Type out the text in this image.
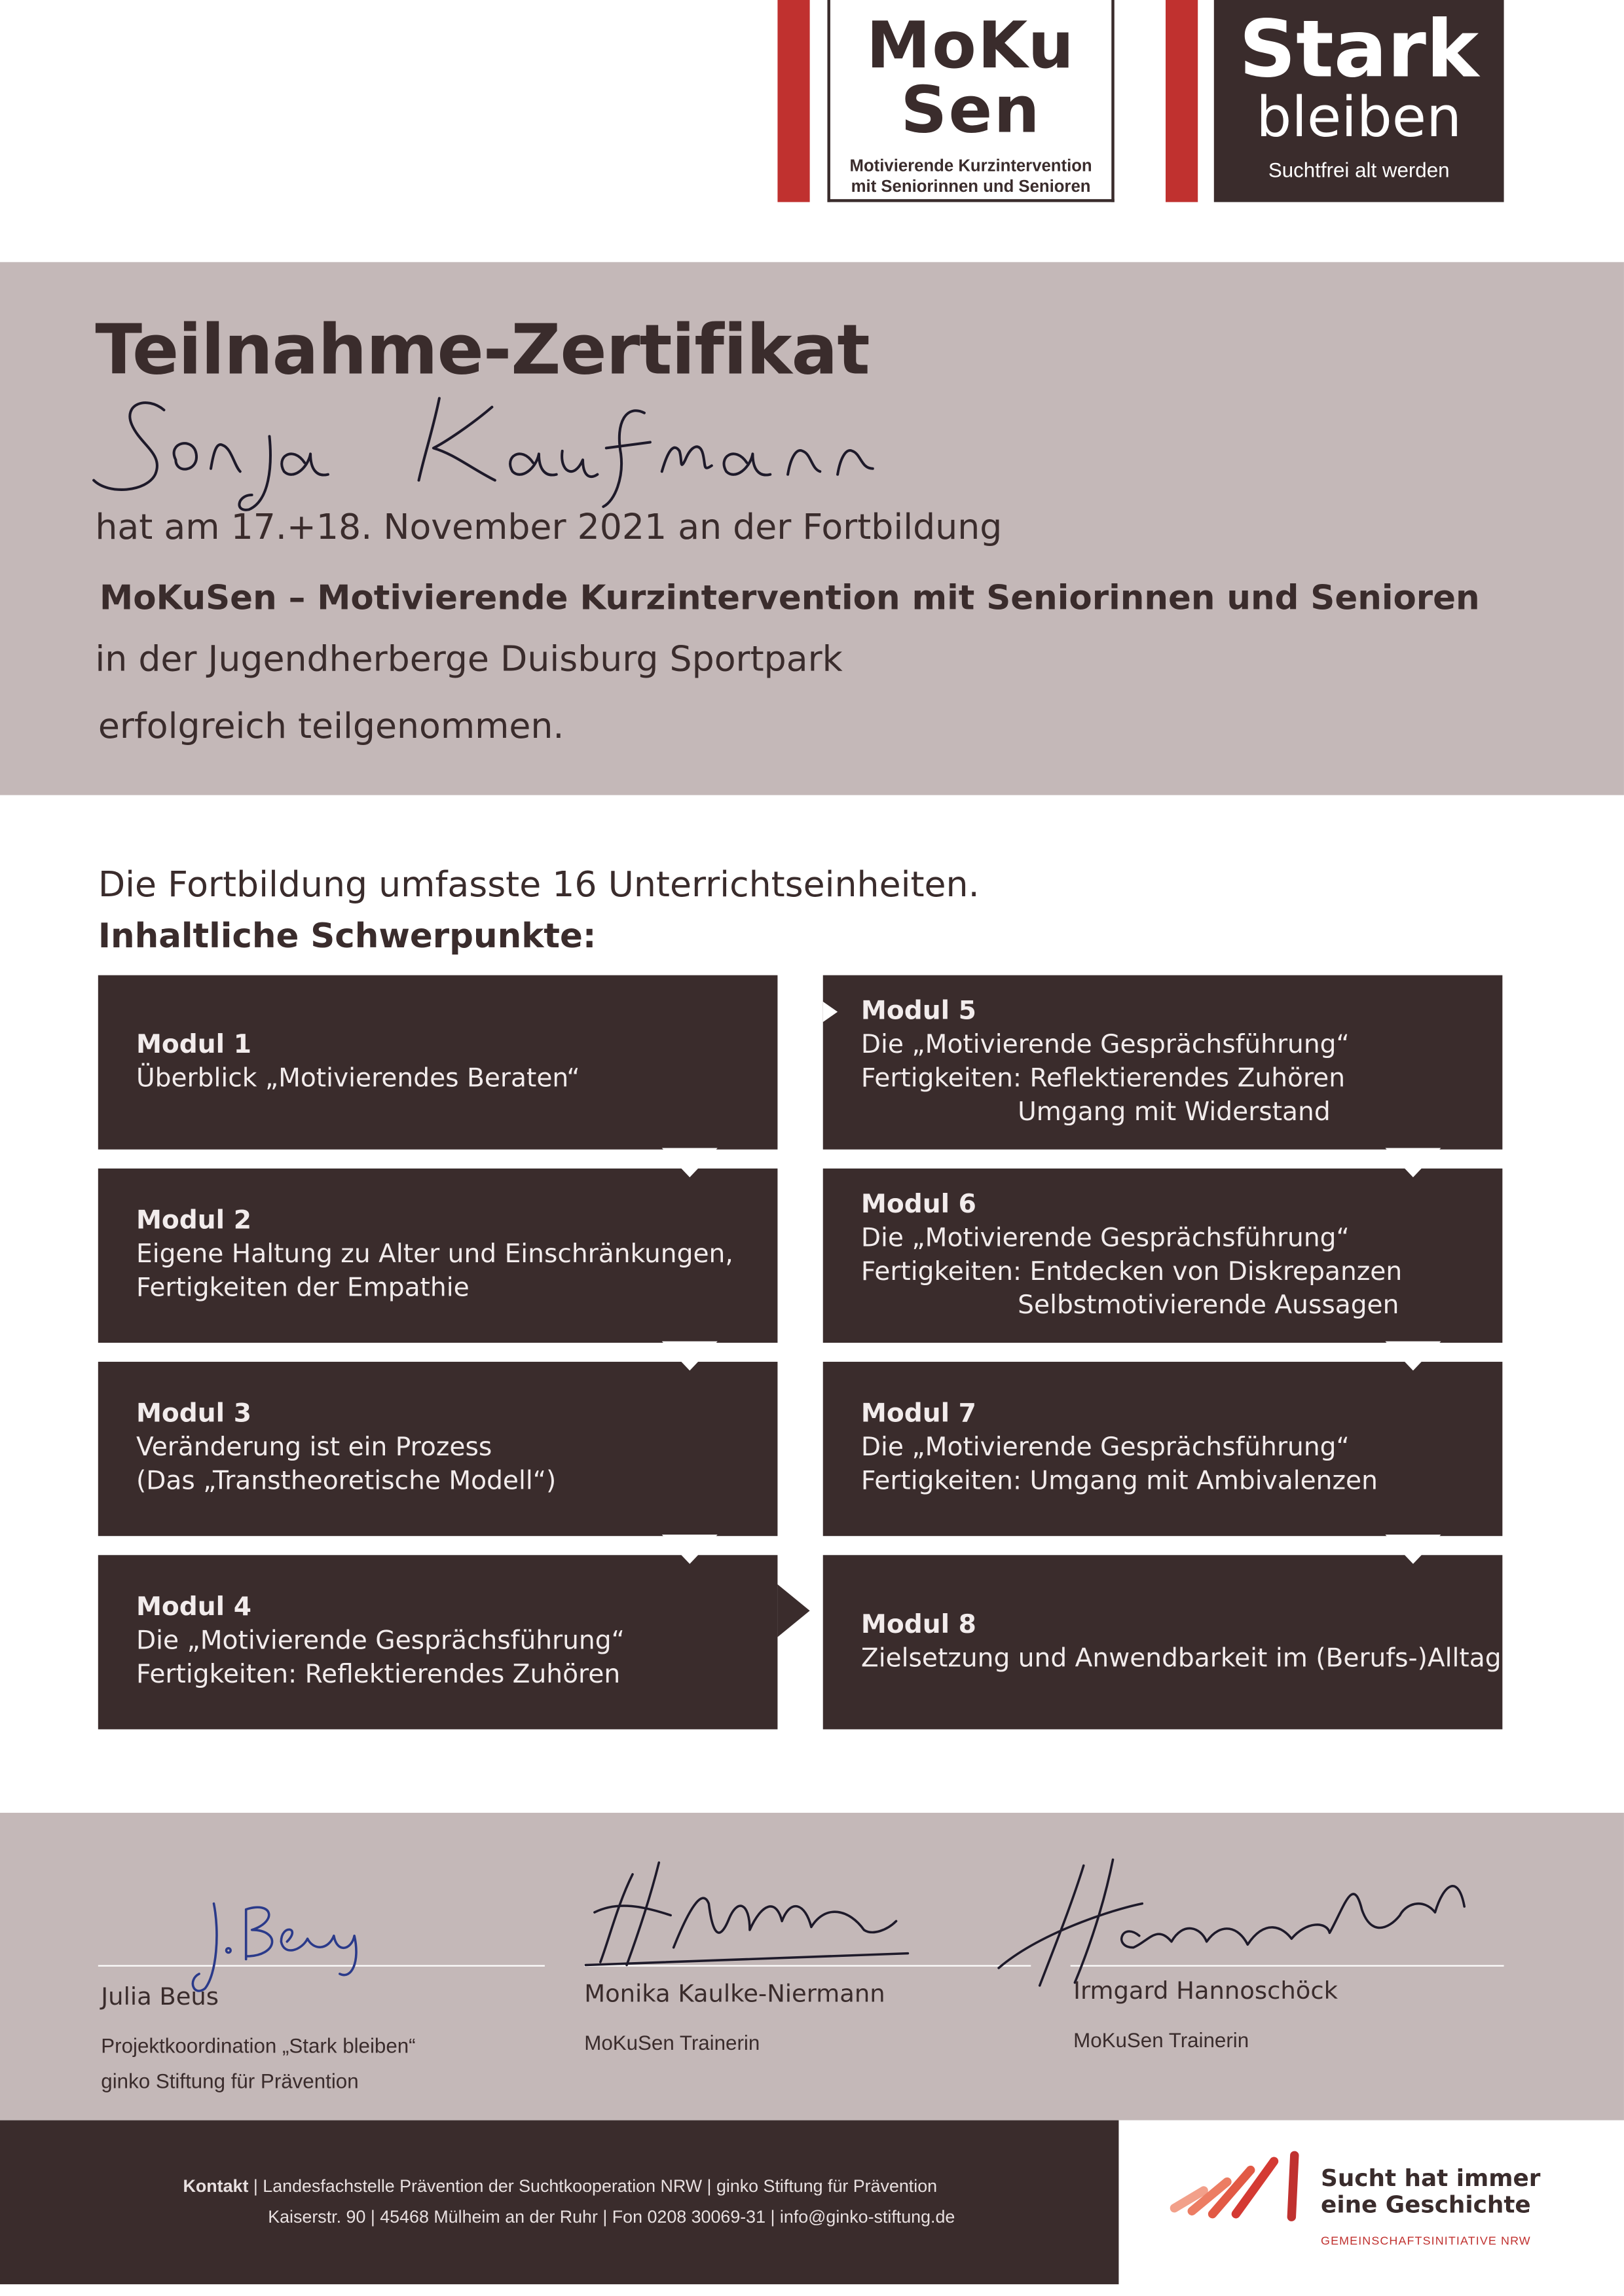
MoKu
Sen
Motivierende Kurzintervention
mit Seniorinnen und Senioren
Stark
bleiben
Suchtfrei alt werden
Teilnahme-Zertifikat
hat am 17.+18. November 2021 an der Fortbildung
MoKuSen – Motivierende Kurzintervention mit Seniorinnen und Senioren
in der Jugendherberge Duisburg Sportpark
erfolgreich teilgenommen.
Die Fortbildung umfasste 16 Unterrichtseinheiten.
Inhaltliche Schwerpunkte:
Modul 1
Überblick „Motivierendes Beraten“
Modul 2
Eigene Haltung zu Alter und Einschränkungen,
Fertigkeiten der Empathie
Modul 3
Veränderung ist ein Prozess
(Das „Transtheoretische Modell“)
Modul 4
Die „Motivierende Gesprächsführung“
Fertigkeiten: Reflektierendes Zuhören
Modul 5
Die „Motivierende Gesprächsführung“
Fertigkeiten: Reflektierendes Zuhören
Umgang mit Widerstand
Modul 6
Die „Motivierende Gesprächsführung“
Fertigkeiten: Entdecken von Diskrepanzen
Selbstmotivierende Aussagen
Modul 7
Die „Motivierende Gesprächsführung“
Fertigkeiten: Umgang mit Ambivalenzen
Modul 8
Zielsetzung und Anwendbarkeit im (Berufs-)Alltag
Julia Beus
Projektkoordination „Stark bleiben“
ginko Stiftung für Prävention
Monika Kaulke-Niermann
MoKuSen Trainerin
Irmgard Hannoschöck
MoKuSen Trainerin
Kontakt | Landesfachstelle Prävention der Suchtkooperation NRW | ginko Stiftung für Prävention
Kaiserstr. 90 | 45468 Mülheim an der Ruhr | Fon 0208 30069-31 | info@ginko-stiftung.de
Sucht hat immer
eine Geschichte
GEMEINSCHAFTSINITIATIVE NRW
